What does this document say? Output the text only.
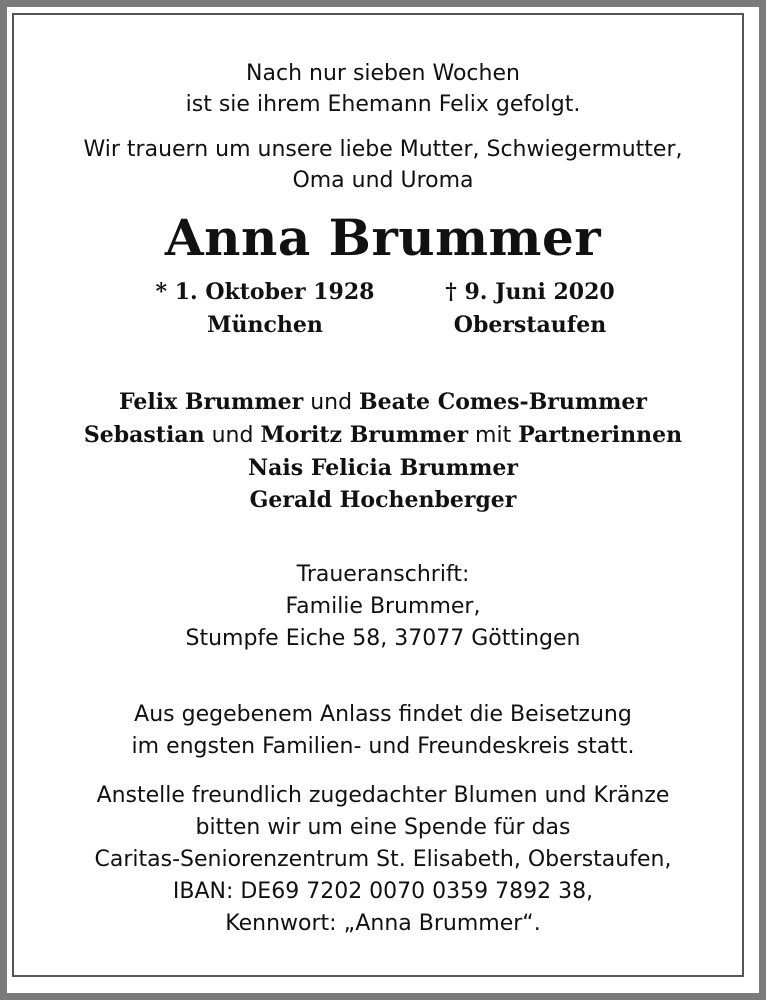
Nach nur sieben Wochen
ist sie ihrem Ehemann Felix gefolgt.
Wir trauern um unsere liebe Mutter, Schwiegermutter,
Oma und Uroma
Anna Brummer
* 1. Oktober 1928
München
† 9. Juni 2020
Oberstaufen
Felix Brummer und Beate Comes-Brummer
Sebastian und Moritz Brummer mit Partnerinnen
Nais Felicia Brummer
Gerald Hochenberger
Traueranschrift:
Familie Brummer,
Stumpfe Eiche 58, 37077 Göttingen
Aus gegebenem Anlass findet die Beisetzung
im engsten Familien- und Freundeskreis statt.
Anstelle freundlich zugedachter Blumen und Kränze
bitten wir um eine Spende für das
Caritas-Seniorenzentrum St. Elisabeth, Oberstaufen,
IBAN: DE69 7202 0070 0359 7892 38,
Kennwort: „Anna Brummer“.
